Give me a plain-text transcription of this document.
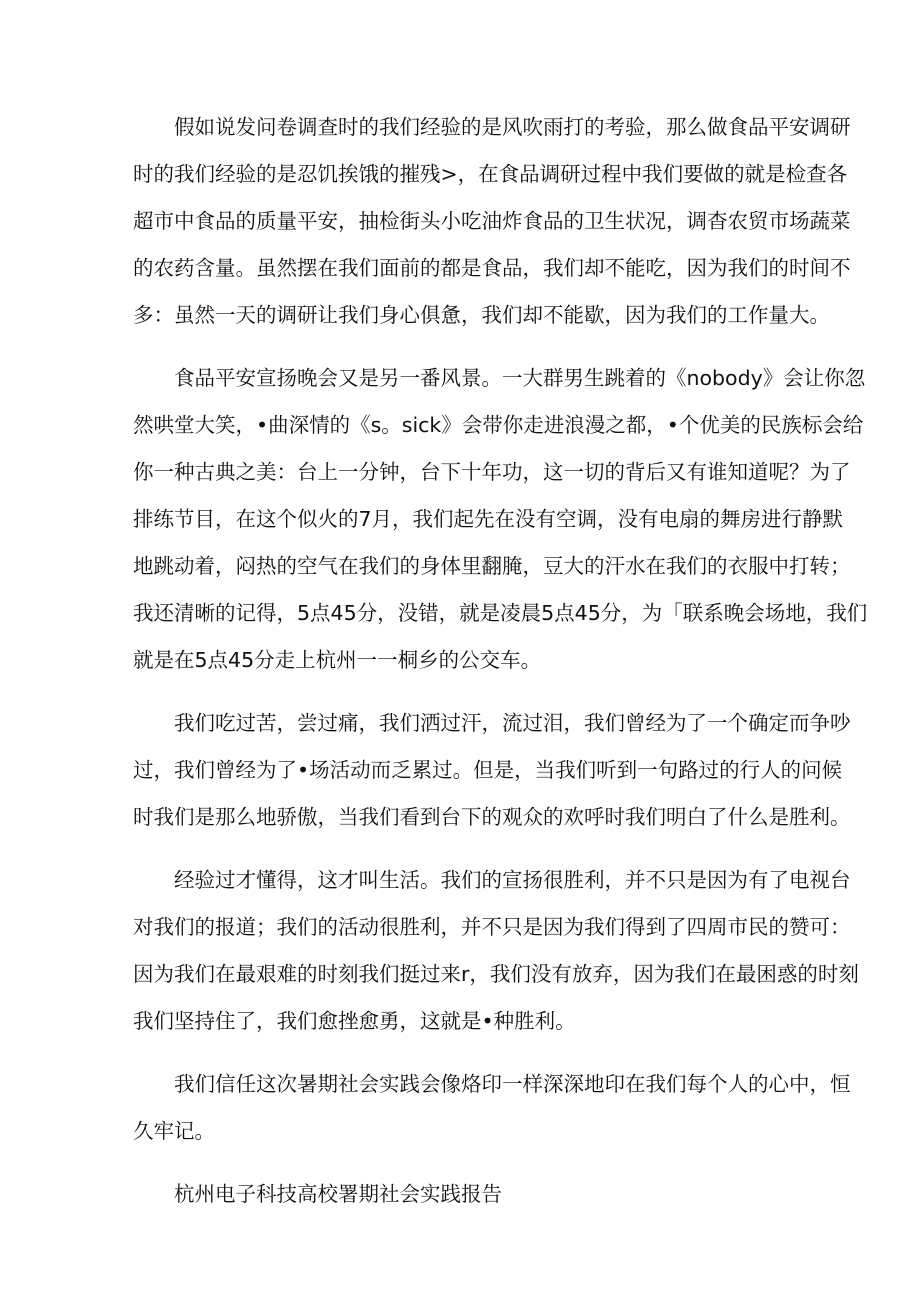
假如说发问卷调查时的我们经验的是风吹雨打的考验，那么做食品平安调研
时的我们经验的是忍饥挨饿的摧残>，在食品调研过程中我们要做的就是检查各
超市中食品的质量平安，抽检街头小吃油炸食品的卫生状况，调杳农贸市场蔬菜
的农药含量。虽然摆在我们面前的都是食品，我们却不能吃，因为我们的时间不
多：虽然一天的调研让我们身心俱惫，我们却不能歇，因为我们的工作量大。
食品平安宣扬晚会又是另一番风景。一大群男生跳着的《nobody》会让你忽
然哄堂大笑，•曲深情的《s。sick》会带你走进浪漫之都，•个优美的民族标会给
你一种古典之美：台上一分钟，台下十年功，这一切的背后又有谁知道呢？为了
排练节目，在这个似火的7月，我们起先在没有空调，没有电扇的舞房进行静默
地跳动着，闷热的空气在我们的身体里翻腌，豆大的汗水在我们的衣服中打转；
我还清晰的记得，5点45分，没错，就是凌晨5点45分，为「联系晚会场地，我们
就是在5点45分走上杭州一一桐乡的公交车。
我们吃过苦，尝过痛，我们洒过汗，流过泪，我们曾经为了一个确定而争吵
过，我们曾经为了•场活动而乏累过。但是，当我们听到一句路过的行人的问候
时我们是那么地骄傲，当我们看到台下的观众的欢呼时我们明白了什么是胜利。
经验过才懂得，这才叫生活。我们的宣扬很胜利，并不只是因为有了电视台
对我们的报道；我们的活动很胜利，并不只是因为我们得到了四周市民的赞可：
因为我们在最艰难的时刻我们挺过来r，我们没有放弃，因为我们在最困惑的时刻
我们坚持住了，我们愈挫愈勇，这就是•种胜利。
我们信任这次暑期社会实践会像烙印一样深深地印在我们每个人的心中，恒
久牢记。
杭州电子科技高校署期社会实践报告
